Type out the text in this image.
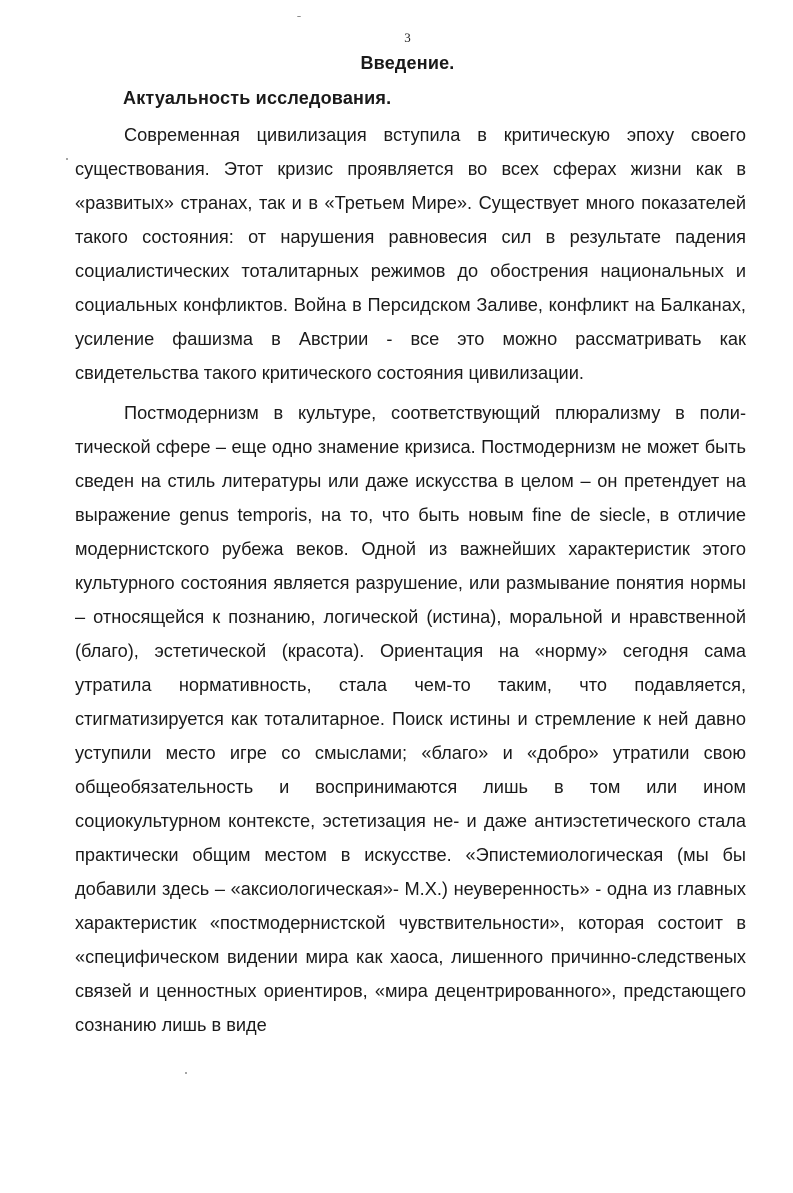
3
Введение.
Актуальность исследования.

Современная цивилизация вступила в критическую эпоху своего существования. Этот кризис проявляется во всех сферах жизни как в «развитых» странах, так и в «Третьем Мире». Существует много показателей такого состояния: от нарушения равновесия сил в результате падения социалистических тоталитарных режимов до обострения национальных и социальных конфликтов. Война в Персидском Заливе, конфликт на Балканах, усиление фашизма в Австрии - все это можно рассматривать как свидетельства такого критического состояния цивилизации.

Постмодернизм в культуре, соответствующий плюрализму в политической сфере – еще одно знамение кризиса. Постмодернизм не может быть сведен на стиль литературы или даже искусства в целом – он претендует на выражение genus temporis, на то, что быть новым fine de siecle, в отличие модернистского рубежа веков. Одной из важнейших характеристик этого культурного состояния является разрушение, или размывание понятия нормы – относящейся к познанию, логической (истина), моральной и нравственной (благо), эстетической (красота). Ориентация на «норму» сегодня сама утратила нормативность, стала чем-то таким, что подавляется, стигматизируется как тоталитарное. Поиск истины и стремление к ней давно уступили место игре со смыслами; «благо» и «добро» утратили свою общеобязательность и воспринимаются лишь в том или ином социокультурном контексте, эстетизация не- и даже антиэстетического стала практически общим местом в искусстве. «Эпистемиологическая (мы бы добавили здесь – «аксиологическая»- М.Х.) неуверенность» - одна из главных характеристик «постмодернистской чувствительности», которая состоит в «специфическом видении мира как хаоса, лишенного причинно-следственых связей и ценностных ориентиров, «мира децентрированного», предстающего сознанию лишь в виде
